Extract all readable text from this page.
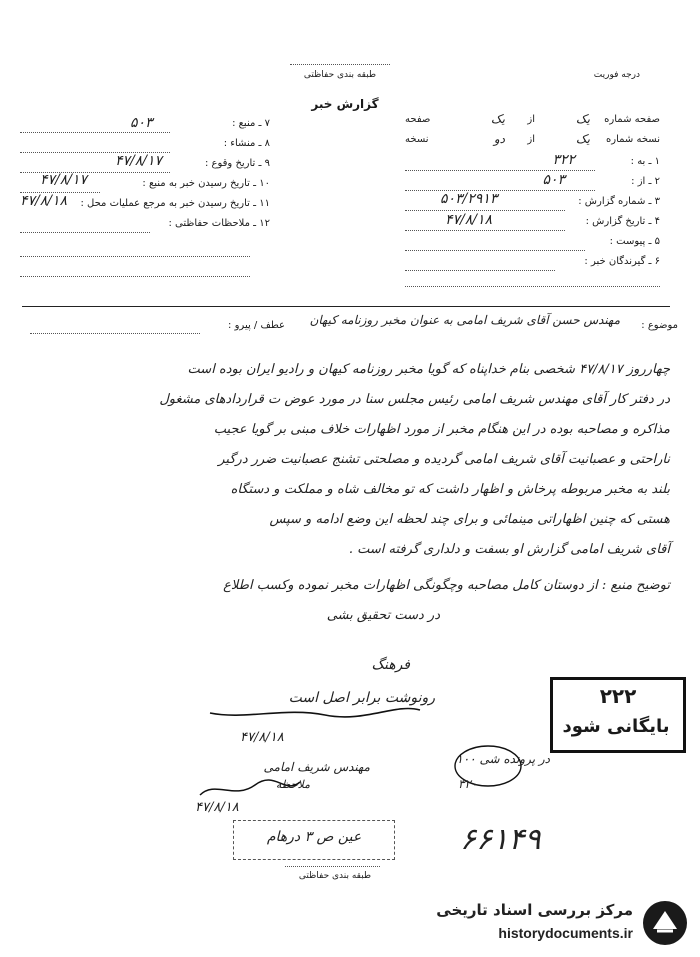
درجه فوریت
طبقه بندی حفاظتی
گزارش خبر
۷ ـ منبع :
۵۰۳
۸ ـ منشاء :
۹ ـ تاریخ وقوع :
۴۷/۸/۱۷
۱۰ ـ تاریخ رسیدن خبر به منبع :
۴۷/۸/۱۷
۱۱ ـ تاریخ رسیدن خبر به مرجع عملیات محل :
۴۷/۸/۱۸
۱۲ ـ ملاحظات حفاظتی :
صفحه شماره
یک
از
یک
صفحه
نسخه شماره
یک
از
دو
نسخه
۱ ـ به :
۳۲۲
۲ ـ از :
۵۰۳
۳ ـ شماره گزارش :
۵۰۳/۲۹۱۳
۴ ـ تاریخ گزارش :
۴۷/۸/۱۸
۵ ـ پیوست :
۶ ـ گیرندگان خبر :
موضوع :
مهندس حسن آقای شریف امامی به عنوان مخبر روزنامه کیهان
عطف / پیرو :
چهارروز ۴۷/۸/۱۷ شخصی بنام خداپناه که گویا مخبر روزنامه کیهان و رادیو ایران بوده است
در دفتر کار آقای مهندس شریف امامی رئیس مجلس سنا در مورد عوض ت قراردادهای مشغول
مذاکره و مصاحبه بوده در این هنگام مخبر از مورد اظهارات خلاف مبنی بر گویا عجیب
ناراحتی و عصبانیت آقای شریف امامی گردیده و مصلحتی تشنج عصبانیت ضرر درگیر
بلند به مخبر مربوطه پرخاش و اظهار داشت که تو مخالف شاه و مملکت و دستگاه
هستی که چنین اظهاراتی مینمائی و برای چند لحظه این وضع ادامه و سپس
آقای شریف امامی گزارش او بسفت و دلداری گرفته است .
توضیح منبع : از دوستان کامل مصاحبه وچگونگی اظهارات مخبر نموده وکسب اطلاع
در دست تحقیق بشی
فرهنگ
رونوشت برابر اصل است
۴۷/۸/۱۸
مهندس شریف امامی
ملاحظه
۴۷/۸/۱۸
در پرونده شی ۱۰۰
۳۲۰
۶۶۱۴۹
۲۲۲
بایگانی شود
عین ص ۳ درهام
طبقه بندی حفاظتی
مرکز بررسی اسناد تاریخی
historydocuments.ir
